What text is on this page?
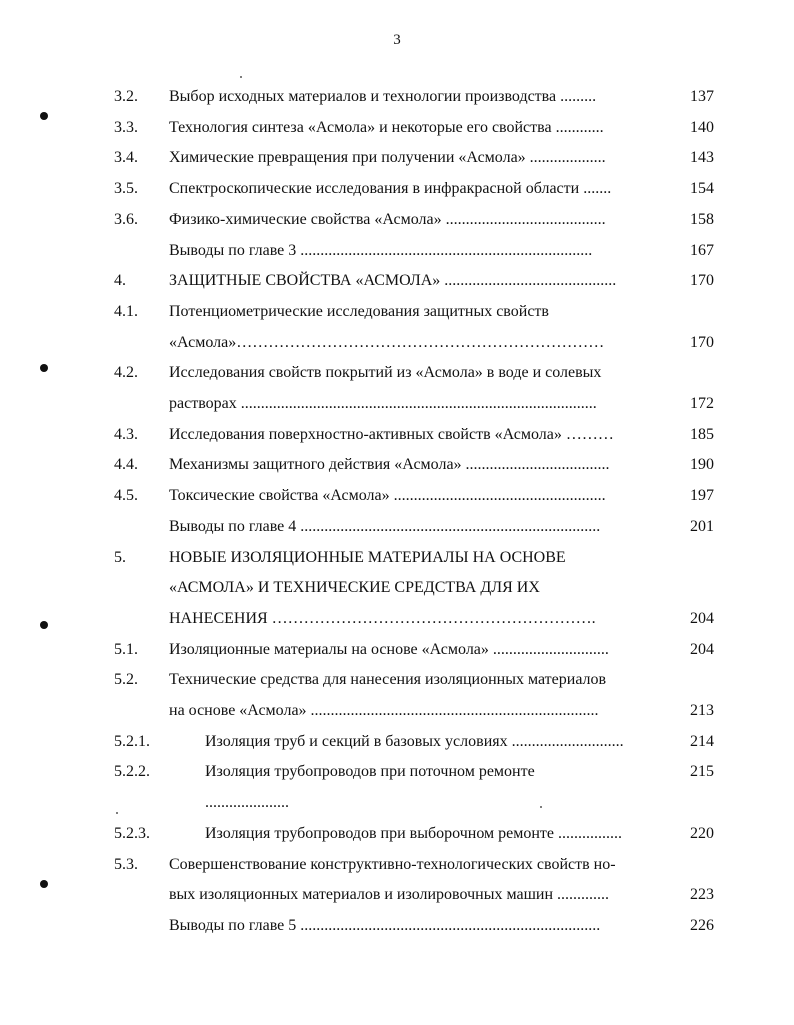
3
3.2. Выбор исходных материалов и технологии производства .........	137
3.3. Технология синтеза «Асмола» и некоторые его свойства ............	140
3.4. Химические превращения при получении «Асмола» ...................	143
3.5. Спектроскопические исследования в инфракрасной области .......	154
3.6. Физико-химические свойства «Асмола» ........................................	158
Выводы по главе 3 .........................................................................	167
4.	ЗАЩИТНЫЕ СВОЙСТВА «АСМОЛА» ...........................................	170
4.1. Потенциометрические исследования защитных свойств
«Асмола»……………………………………………………………	170
4.2. Исследования свойств покрытий из «Асмола» в воде и солевых
растворах .........................................................................................	172
4.3. Исследования поверхностно-активных свойств «Асмола» ………	185
4.4. Механизмы защитного действия «Асмола» ....................................	190
4.5. Токсические свойства «Асмола» .....................................................	197
Выводы по главе 4 ...........................................................................	201
5.	НОВЫЕ ИЗОЛЯЦИОННЫЕ МАТЕРИАЛЫ НА ОСНОВЕ
«АСМОЛА» И ТЕХНИЧЕСКИЕ СРЕДСТВА ДЛЯ ИХ
НАНЕСЕНИЯ …………………………………………………….	204
5.1. Изоляционные материалы на основе «Асмола» .............................	204
5.2. Технические средства для нанесения изоляционных материалов
на основе «Асмола» ........................................................................	213
5.2.1.	Изоляция труб и секций в базовых условиях ............................	214
5.2.2.	Изоляция трубопроводов при поточном ремонте	215
.....................
5.2.3.	Изоляция трубопроводов при выборочном ремонте ................	220
5.3. Совершенствование конструктивно-технологических свойств но-
вых изоляционных материалов и изолировочных машин .............	223
Выводы по главе 5 ...........................................................................	226
